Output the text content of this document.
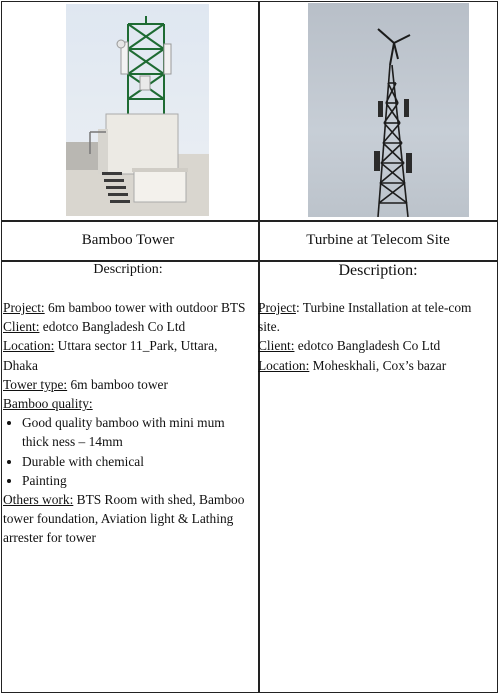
Bamboo Tower	Turbine at Telecom Site
Description:	Description:

Project: 6m bamboo tower with outdoor BTS

Client: edotco Bangladesh Co Ltd

Location: Uttara sector 11_Park, Uttara, Dhaka

Tower type: 6m bamboo tower

Bamboo quality:

• Good quality bamboo with mini mum thick ness – 14mm
• Durable with chemical
• Painting

Others work: BTS Room with shed, Bamboo tower foundation, Aviation light & Lathing arrester for tower

Project: Turbine Installation at tele-com site.

Client: edotco Bangladesh Co Ltd

Location: Moheskhali, Cox’s bazar
